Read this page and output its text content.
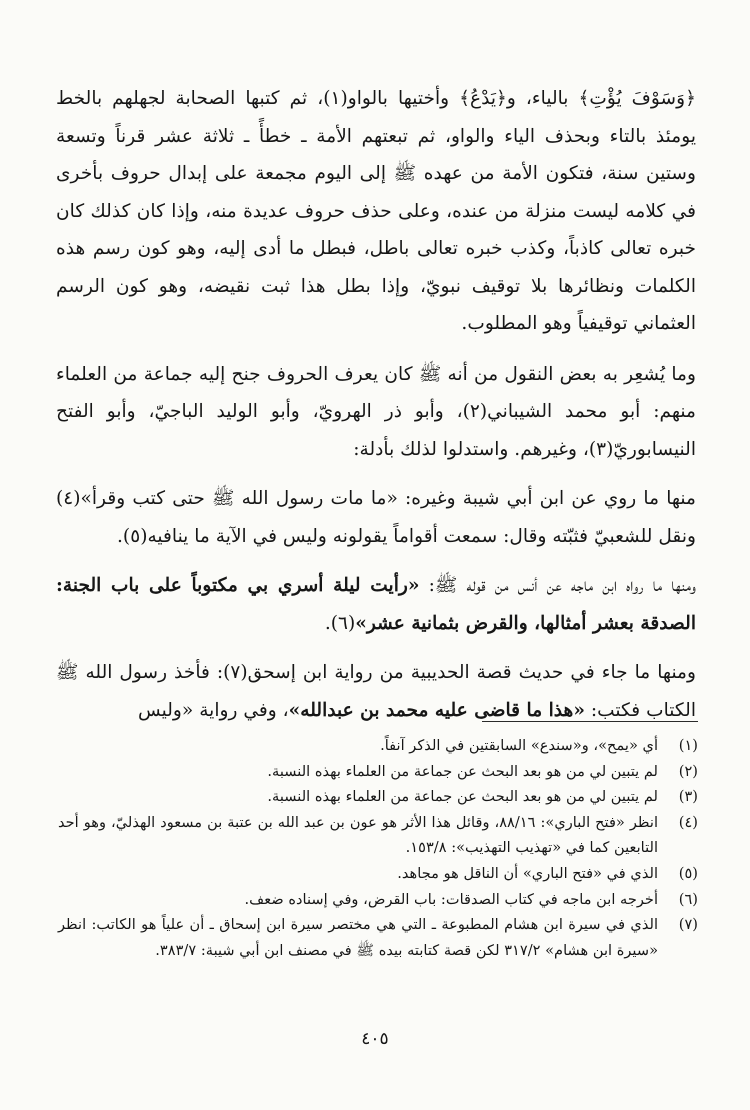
﴿وَسَوْفَ يُؤْتِ﴾ بالياء، و﴿يَدْعُ﴾ وأختيها بالواو(١)، ثم كتبها الصحابة لجهلهم بالخط يومئذ بالتاء وبحذف الياء والواو، ثم تبعتهم الأمة ـ خطأً ـ ثلاثة عشر قرناً وتسعة وستين سنة، فتكون الأمة من عهده ﷺ إلى اليوم مجمعة على إبدال حروف بأخرى في كلامه ليست منزلة من عنده، وعلى حذف حروف عديدة منه، وإذا كان كذلك كان خبره تعالى كاذباً، وكذب خبره تعالى باطل، فبطل ما أدى إليه، وهو كون رسم هذه الكلمات ونظائرها بلا توقيف نبويّ، وإذا بطل هذا ثبت نقيضه، وهو كون الرسم العثماني توقيفياً وهو المطلوب.

وما يُشعِر به بعض النقول من أنه ﷺ كان يعرف الحروف جنح إليه جماعة من العلماء منهم: أبو محمد الشيباني(٢)، وأبو ذر الهرويّ، وأبو الوليد الباجيّ، وأبو الفتح النيسابوريّ(٣)، وغيرهم. واستدلوا لذلك بأدلة:

منها ما روي عن ابن أبي شيبة وغيره: «ما مات رسول الله ﷺ حتى كتب وقرأ»(٤) ونقل للشعبيّ فثبّته وقال: سمعت أقواماً يقولونه وليس في الآية ما ينافيه(٥).

ومنها ما رواه ابن ماجه عن أنس من قوله ﷺ: «رأيت ليلة أسري بي مكتوباً على باب الجنة: الصدقة بعشر أمثالها، والقرض بثمانية عشر»(٦).

ومنها ما جاء في حديث قصة الحديبية من رواية ابن إسحق(٧): فأخذ رسول الله ﷺ الكتاب فكتب: «هذا ما قاضى عليه محمد بن عبدالله»، وفي رواية «وليس

(١)
أي «يمح»، و«سندع» السابقتين في الذكر آنفاً.
(٢)
لم يتبين لي من هو بعد البحث عن جماعة من العلماء بهذه النسبة.
(٣)
لم يتبين لي من هو بعد البحث عن جماعة من العلماء بهذه النسبة.
(٤)
انظر «فتح الباري»: ٨٨/١٦، وقائل هذا الأثر هو عون بن عبد الله بن عتبة بن مسعود الهذليّ، وهو أحد التابعين كما في «تهذيب التهذيب»: ١٥٣/٨.
(٥)
الذي في «فتح الباري» أن الناقل هو مجاهد.
(٦)
أخرجه ابن ماجه في كتاب الصدقات: باب القرض، وفي إسناده ضعف.
(٧)
الذي في سيرة ابن هشام المطبوعة ـ التي هي مختصر سيرة ابن إسحاق ـ أن علياً هو الكاتب: انظر «سيرة ابن هشام» ٣١٧/٢ لكن قصة كتابته بيده ﷺ في مصنف ابن أبي شيبة: ٣٨٣/٧.
٤٠٥
